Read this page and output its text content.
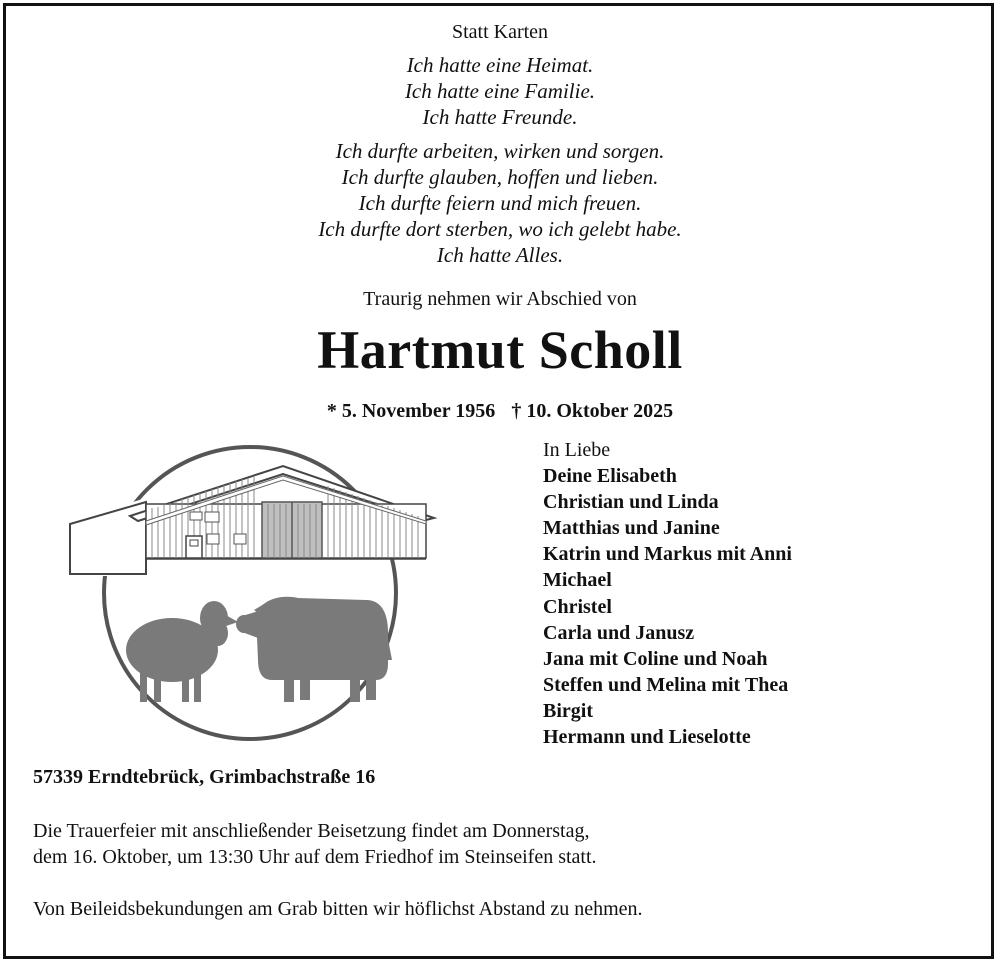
Statt Karten
Ich hatte eine Heimat.
Ich hatte eine Familie.
Ich hatte Freunde.
Ich durfte arbeiten, wirken und sorgen.
Ich durfte glauben, hoffen und lieben.
Ich durfte feiern und mich freuen.
Ich durfte dort sterben, wo ich gelebt habe.
Ich hatte Alles.
Traurig nehmen wir Abschied von
Hartmut Scholl
* 5. November 1956 † 10. Oktober 2025
In Liebe
Deine Elisabeth
Christian und Linda
Matthias und Janine
Katrin und Markus mit Anni
Michael
Christel
Carla und Janusz
Jana mit Coline und Noah
Steffen und Melina mit Thea
Birgit
Hermann und Lieselotte
57339 Erndtebrück, Grimbachstraße 16
Die Trauerfeier mit anschließender Beisetzung findet am Donnerstag,
dem 16. Oktober, um 13:30 Uhr auf dem Friedhof im Steinseifen statt.
Von Beileidsbekundungen am Grab bitten wir höflichst Abstand zu nehmen.
